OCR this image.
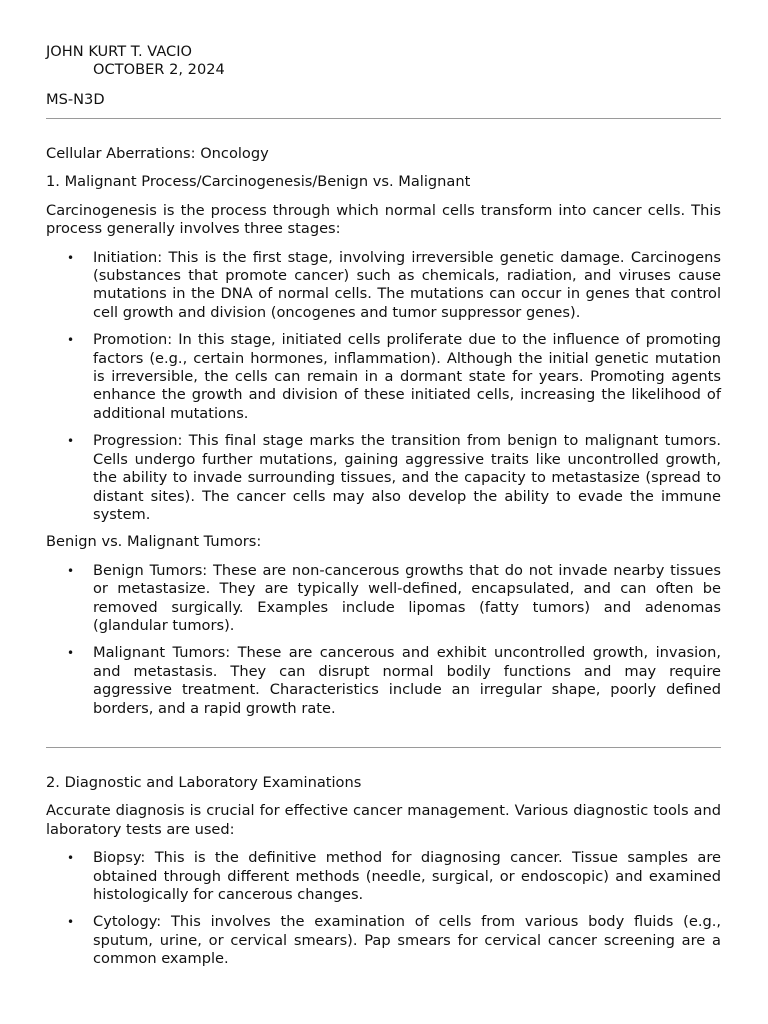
JOHN KURT T. VACIO
OCTOBER 2, 2024
MS-N3D

Cellular Aberrations: Oncology

1. Malignant Process/Carcinogenesis/Benign vs. Malignant

Carcinogenesis is the process through which normal cells transform into cancer cells. This process generally involves three stages:

• Initiation: This is the first stage, involving irreversible genetic damage. Carcinogens (substances that promote cancer) such as chemicals, radiation, and viruses cause mutations in the DNA of normal cells. The mutations can occur in genes that control cell growth and division (oncogenes and tumor suppressor genes).
• Promotion: In this stage, initiated cells proliferate due to the influence of promoting factors (e.g., certain hormones, inflammation). Although the initial genetic mutation is irreversible, the cells can remain in a dormant state for years. Promoting agents enhance the growth and division of these initiated cells, increasing the likelihood of additional mutations.
• Progression: This final stage marks the transition from benign to malignant tumors. Cells undergo further mutations, gaining aggressive traits like uncontrolled growth, the ability to invade surrounding tissues, and the capacity to metastasize (spread to distant sites). The cancer cells may also develop the ability to evade the immune system.

Benign vs. Malignant Tumors:

• Benign Tumors: These are non-cancerous growths that do not invade nearby tissues or metastasize. They are typically well-defined, encapsulated, and can often be removed surgically. Examples include lipomas (fatty tumors) and adenomas (glandular tumors).
• Malignant Tumors: These are cancerous and exhibit uncontrolled growth, invasion, and metastasis. They can disrupt normal bodily functions and may require aggressive treatment. Characteristics include an irregular shape, poorly defined borders, and a rapid growth rate.

2. Diagnostic and Laboratory Examinations

Accurate diagnosis is crucial for effective cancer management. Various diagnostic tools and laboratory tests are used:

• Biopsy: This is the definitive method for diagnosing cancer. Tissue samples are obtained through different methods (needle, surgical, or endoscopic) and examined histologically for cancerous changes.
• Cytology: This involves the examination of cells from various body fluids (e.g., sputum, urine, or cervical smears). Pap smears for cervical cancer screening are a common example.
